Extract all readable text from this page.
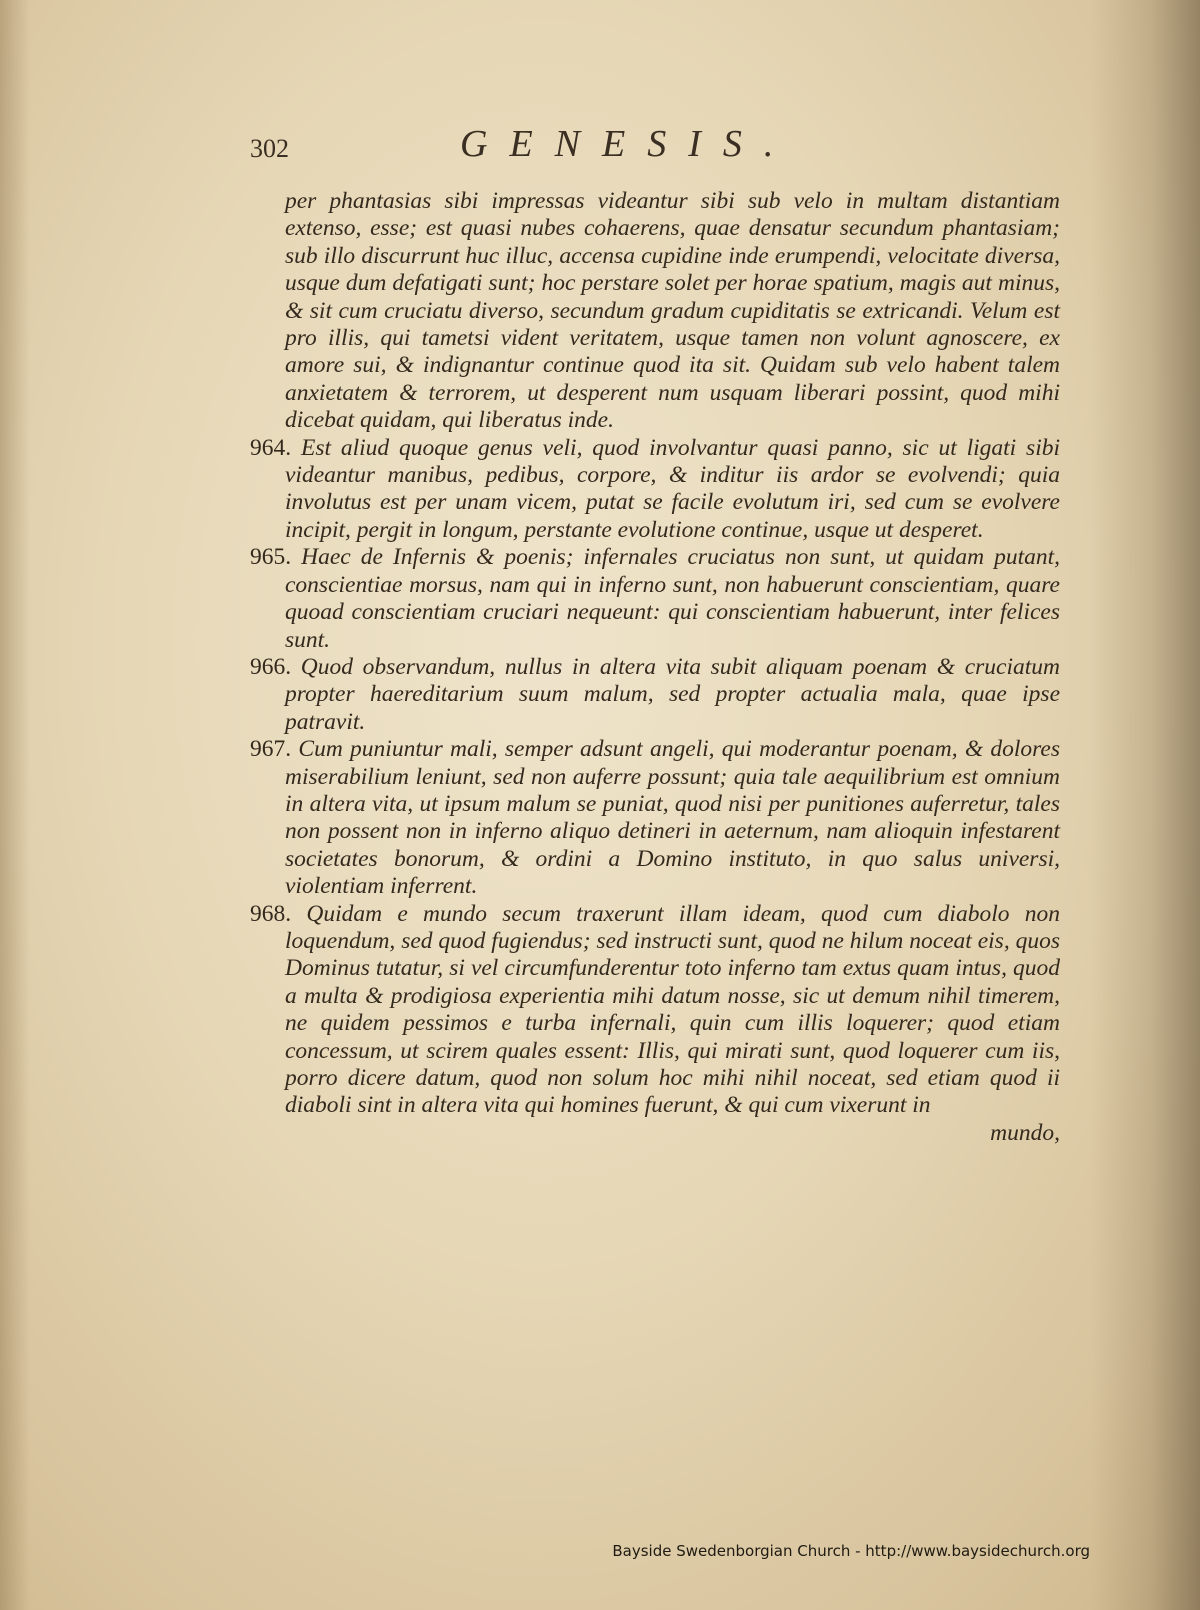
302	GENESIS.

per phantasias sibi impressas videantur sibi sub velo in multam distantiam extenso, esse; est quasi nubes cohaerens, quae densatur secundum phantasiam; sub illo discurrunt huc illuc, accensa cupidine inde erumpendi, velocitate diversa, usque dum defatigati sunt; hoc perstare solet per horae spatium, magis aut minus, & sit cum cruciatu diverso, secundum gradum cupiditatis se extricandi. Velum est pro illis, qui tametsi vident veritatem, usque tamen non volunt agnoscere, ex amore sui, & indignantur continue quod ita sit. Quidam sub velo habent talem anxietatem & terrorem, ut desperent num usquam liberari possint, quod mihi dicebat quidam, qui liberatus inde.

964. Est aliud quoque genus veli, quod involvantur quasi panno, sic ut ligati sibi videantur manibus, pedibus, corpore, & inditur iis ardor se evolvendi; quia involutus est per unam vicem, putat se facile evolutum iri, sed cum se evolvere incipit, pergit in longum, perstante evolutione continue, usque ut desperet.

965. Haec de Infernis & poenis; infernales cruciatus non sunt, ut quidam putant, conscientiae morsus, nam qui in inferno sunt, non habuerunt conscientiam, quare quoad conscientiam cruciari nequeunt: qui conscientiam habuerunt, inter felices sunt.

966. Quod observandum, nullus in altera vita subit aliquam poenam & cruciatum propter haereditarium suum malum, sed propter actualia mala, quae ipse patravit.

967. Cum puniuntur mali, semper adsunt angeli, qui moderantur poenam, & dolores miserabilium leniunt, sed non auferre possunt; quia tale aequilibrium est omnium in altera vita, ut ipsum malum se puniat, quod nisi per punitiones auferretur, tales non possent non in inferno aliquo detineri in aeternum, nam alioquin infestarent societates bonorum, & ordini a Domino instituto, in quo salus universi, violentiam inferrent.

968. Quidam e mundo secum traxerunt illam ideam, quod cum diabolo non loquendum, sed quod fugiendus; sed instructi sunt, quod ne hilum noceat eis, quos Dominus tutatur, si vel circumfunderentur toto inferno tam extus quam intus, quod a multa & prodigiosa experientia mihi datum nosse, sic ut demum nihil timerem, ne quidem pessimos e turba infernali, quin cum illis loquerer; quod etiam concessum, ut scirem quales essent: Illis, qui mirati sunt, quod loquerer cum iis, porro dicere datum, quod non solum hoc mihi nihil noceat, sed etiam quod ii diaboli sint in altera vita qui homines fuerunt, & qui cum vixerunt in

mundo,

Bayside Swedenborgian Church - http://www.baysidechurch.org
